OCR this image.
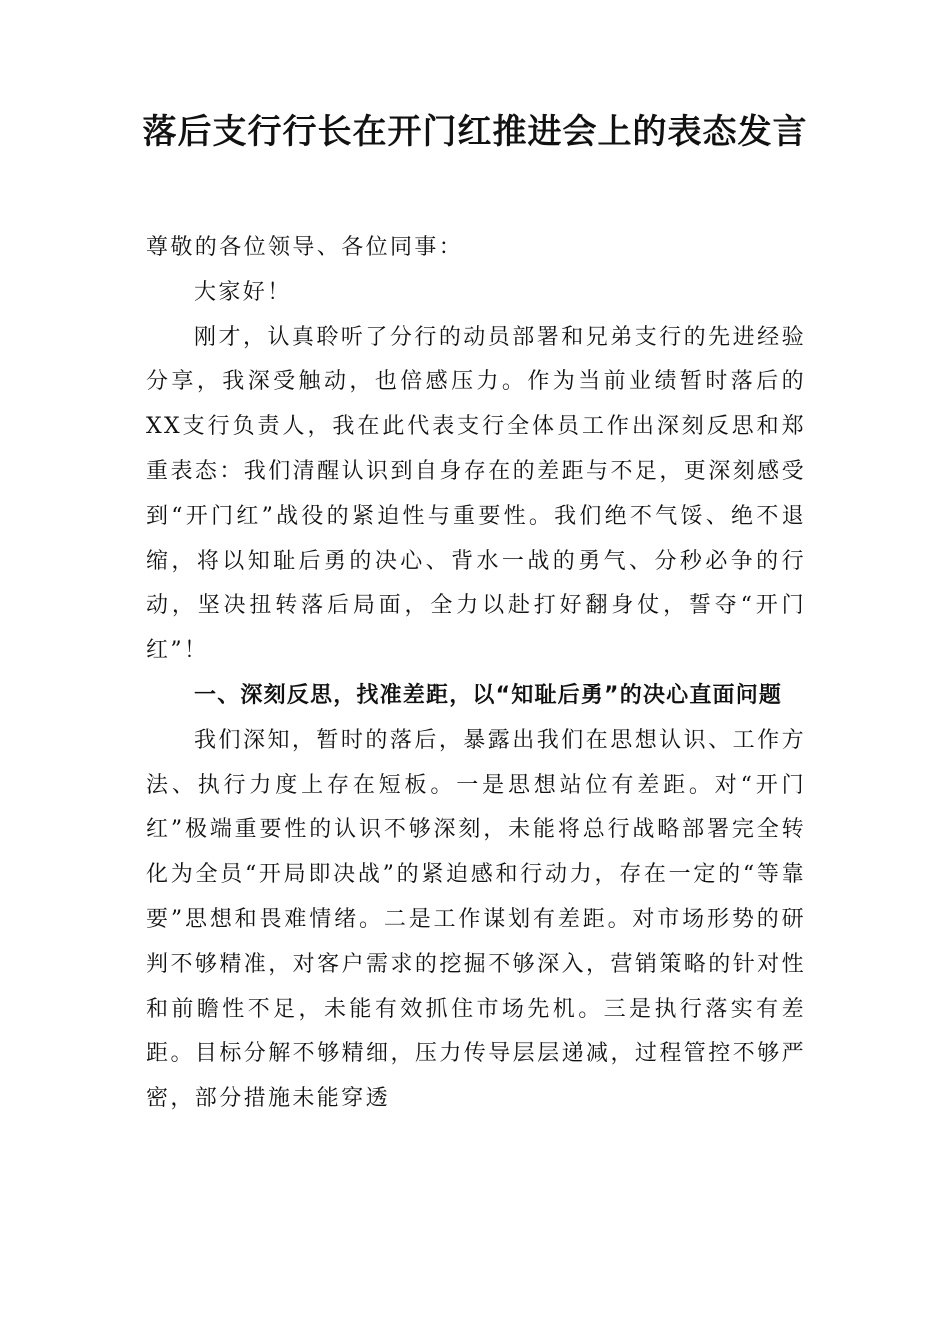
落后支行行长在开门红推进会上的表态发言

尊敬的各位领导、各位同事：

大家好！

刚才，认真聆听了分行的动员部署和兄弟支行的先进经验分享，我深受触动，也倍感压力。作为当前业绩暂时落后的XX支行负责人，我在此代表支行全体员工作出深刻反思和郑重表态：我们清醒认识到自身存在的差距与不足，更深刻感受到“开门红”战役的紧迫性与重要性。我们绝不气馁、绝不退缩，将以知耻后勇的决心、背水一战的勇气、分秒必争的行动，坚决扭转落后局面，全力以赴打好翻身仗，誓夺“开门红”！

一、深刻反思，找准差距，以“知耻后勇”的决心直面问题

我们深知，暂时的落后，暴露出我们在思想认识、工作方法、执行力度上存在短板。一是思想站位有差距。对“开门红”极端重要性的认识不够深刻，未能将总行战略部署完全转化为全员“开局即决战”的紧迫感和行动力，存在一定的“等靠要”思想和畏难情绪。二是工作谋划有差距。对市场形势的研判不够精准，对客户需求的挖掘不够深入，营销策略的针对性和前瞻性不足，未能有效抓住市场先机。三是执行落实有差距。目标分解不够精细，压力传导层层递减，过程管控不够严密，部分措施未能穿透
